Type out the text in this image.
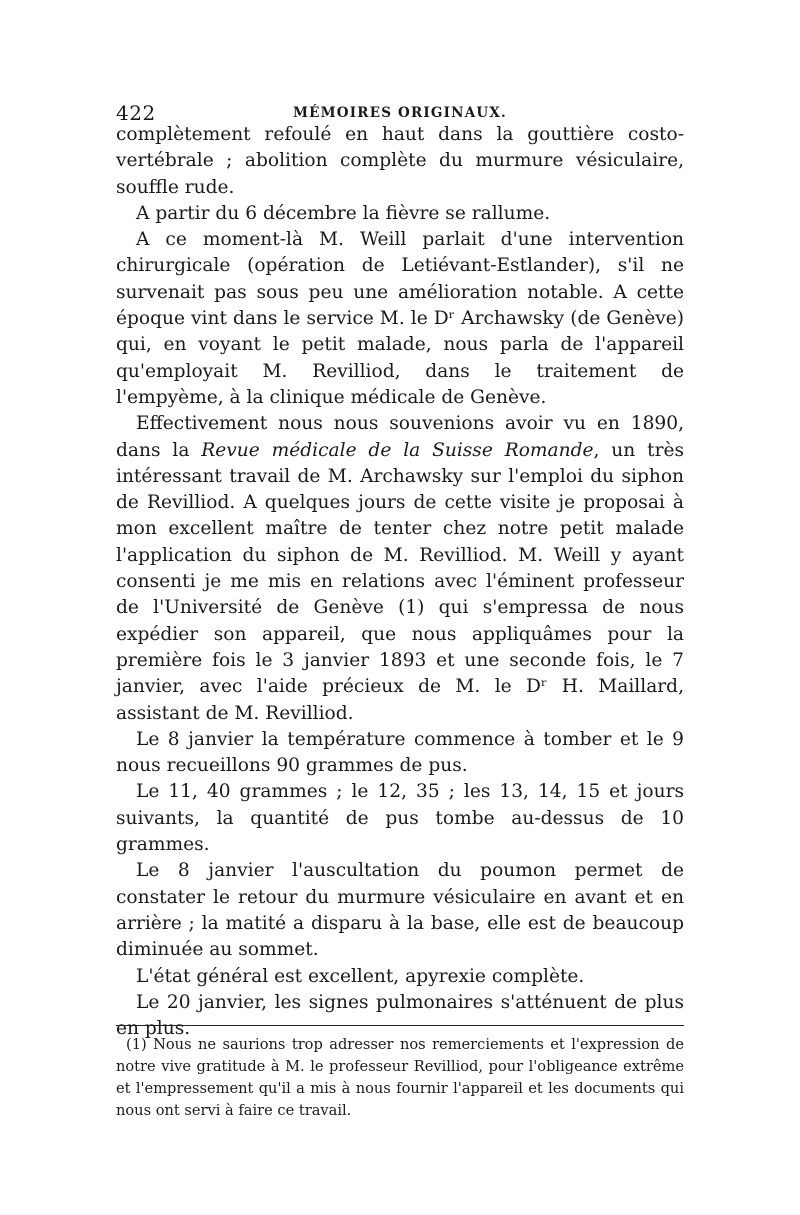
422	MÉMOIRES ORIGINAUX.

complètement refoulé en haut dans la gouttière costo-vertébrale ; abolition complète du murmure vésiculaire, souffle rude.

A partir du 6 décembre la fièvre se rallume.

A ce moment-là M. Weill parlait d'une intervention chirurgicale (opération de Letiévant-Estlander), s'il ne survenait pas sous peu une amélioration notable. A cette époque vint dans le service M. le Dʳ Archawsky (de Genève) qui, en voyant le petit malade, nous parla de l'appareil qu'employait M. Revilliod, dans le traitement de l'empyème, à la clinique médicale de Genève.

Effectivement nous nous souvenions avoir vu en 1890, dans la Revue médicale de la Suisse Romande, un très intéressant travail de M. Archawsky sur l'emploi du siphon de Revilliod. A quelques jours de cette visite je proposai à mon excellent maître de tenter chez notre petit malade l'application du siphon de M. Revilliod. M. Weill y ayant consenti je me mis en relations avec l'éminent professeur de l'Université de Genève (1) qui s'empressa de nous expédier son appareil, que nous appliquâmes pour la première fois le 3 janvier 1893 et une seconde fois, le 7 janvier, avec l'aide précieux de M. le Dʳ H. Maillard, assistant de M. Revilliod.

Le 8 janvier la température commence à tomber et le 9 nous recueillons 90 grammes de pus.

Le 11, 40 grammes ; le 12, 35 ; les 13, 14, 15 et jours suivants, la quantité de pus tombe au-dessus de 10 grammes.

Le 8 janvier l'auscultation du poumon permet de constater le retour du murmure vésiculaire en avant et en arrière ; la matité a disparu à la base, elle est de beaucoup diminuée au sommet.

L'état général est excellent, apyrexie complète.

Le 20 janvier, les signes pulmonaires s'atténuent de plus en plus.

(1) Nous ne saurions trop adresser nos remerciements et l'expression de notre vive gratitude à M. le professeur Revilliod, pour l'obligeance extrême et l'empressement qu'il a mis à nous fournir l'appareil et les documents qui nous ont servi à faire ce travail.
